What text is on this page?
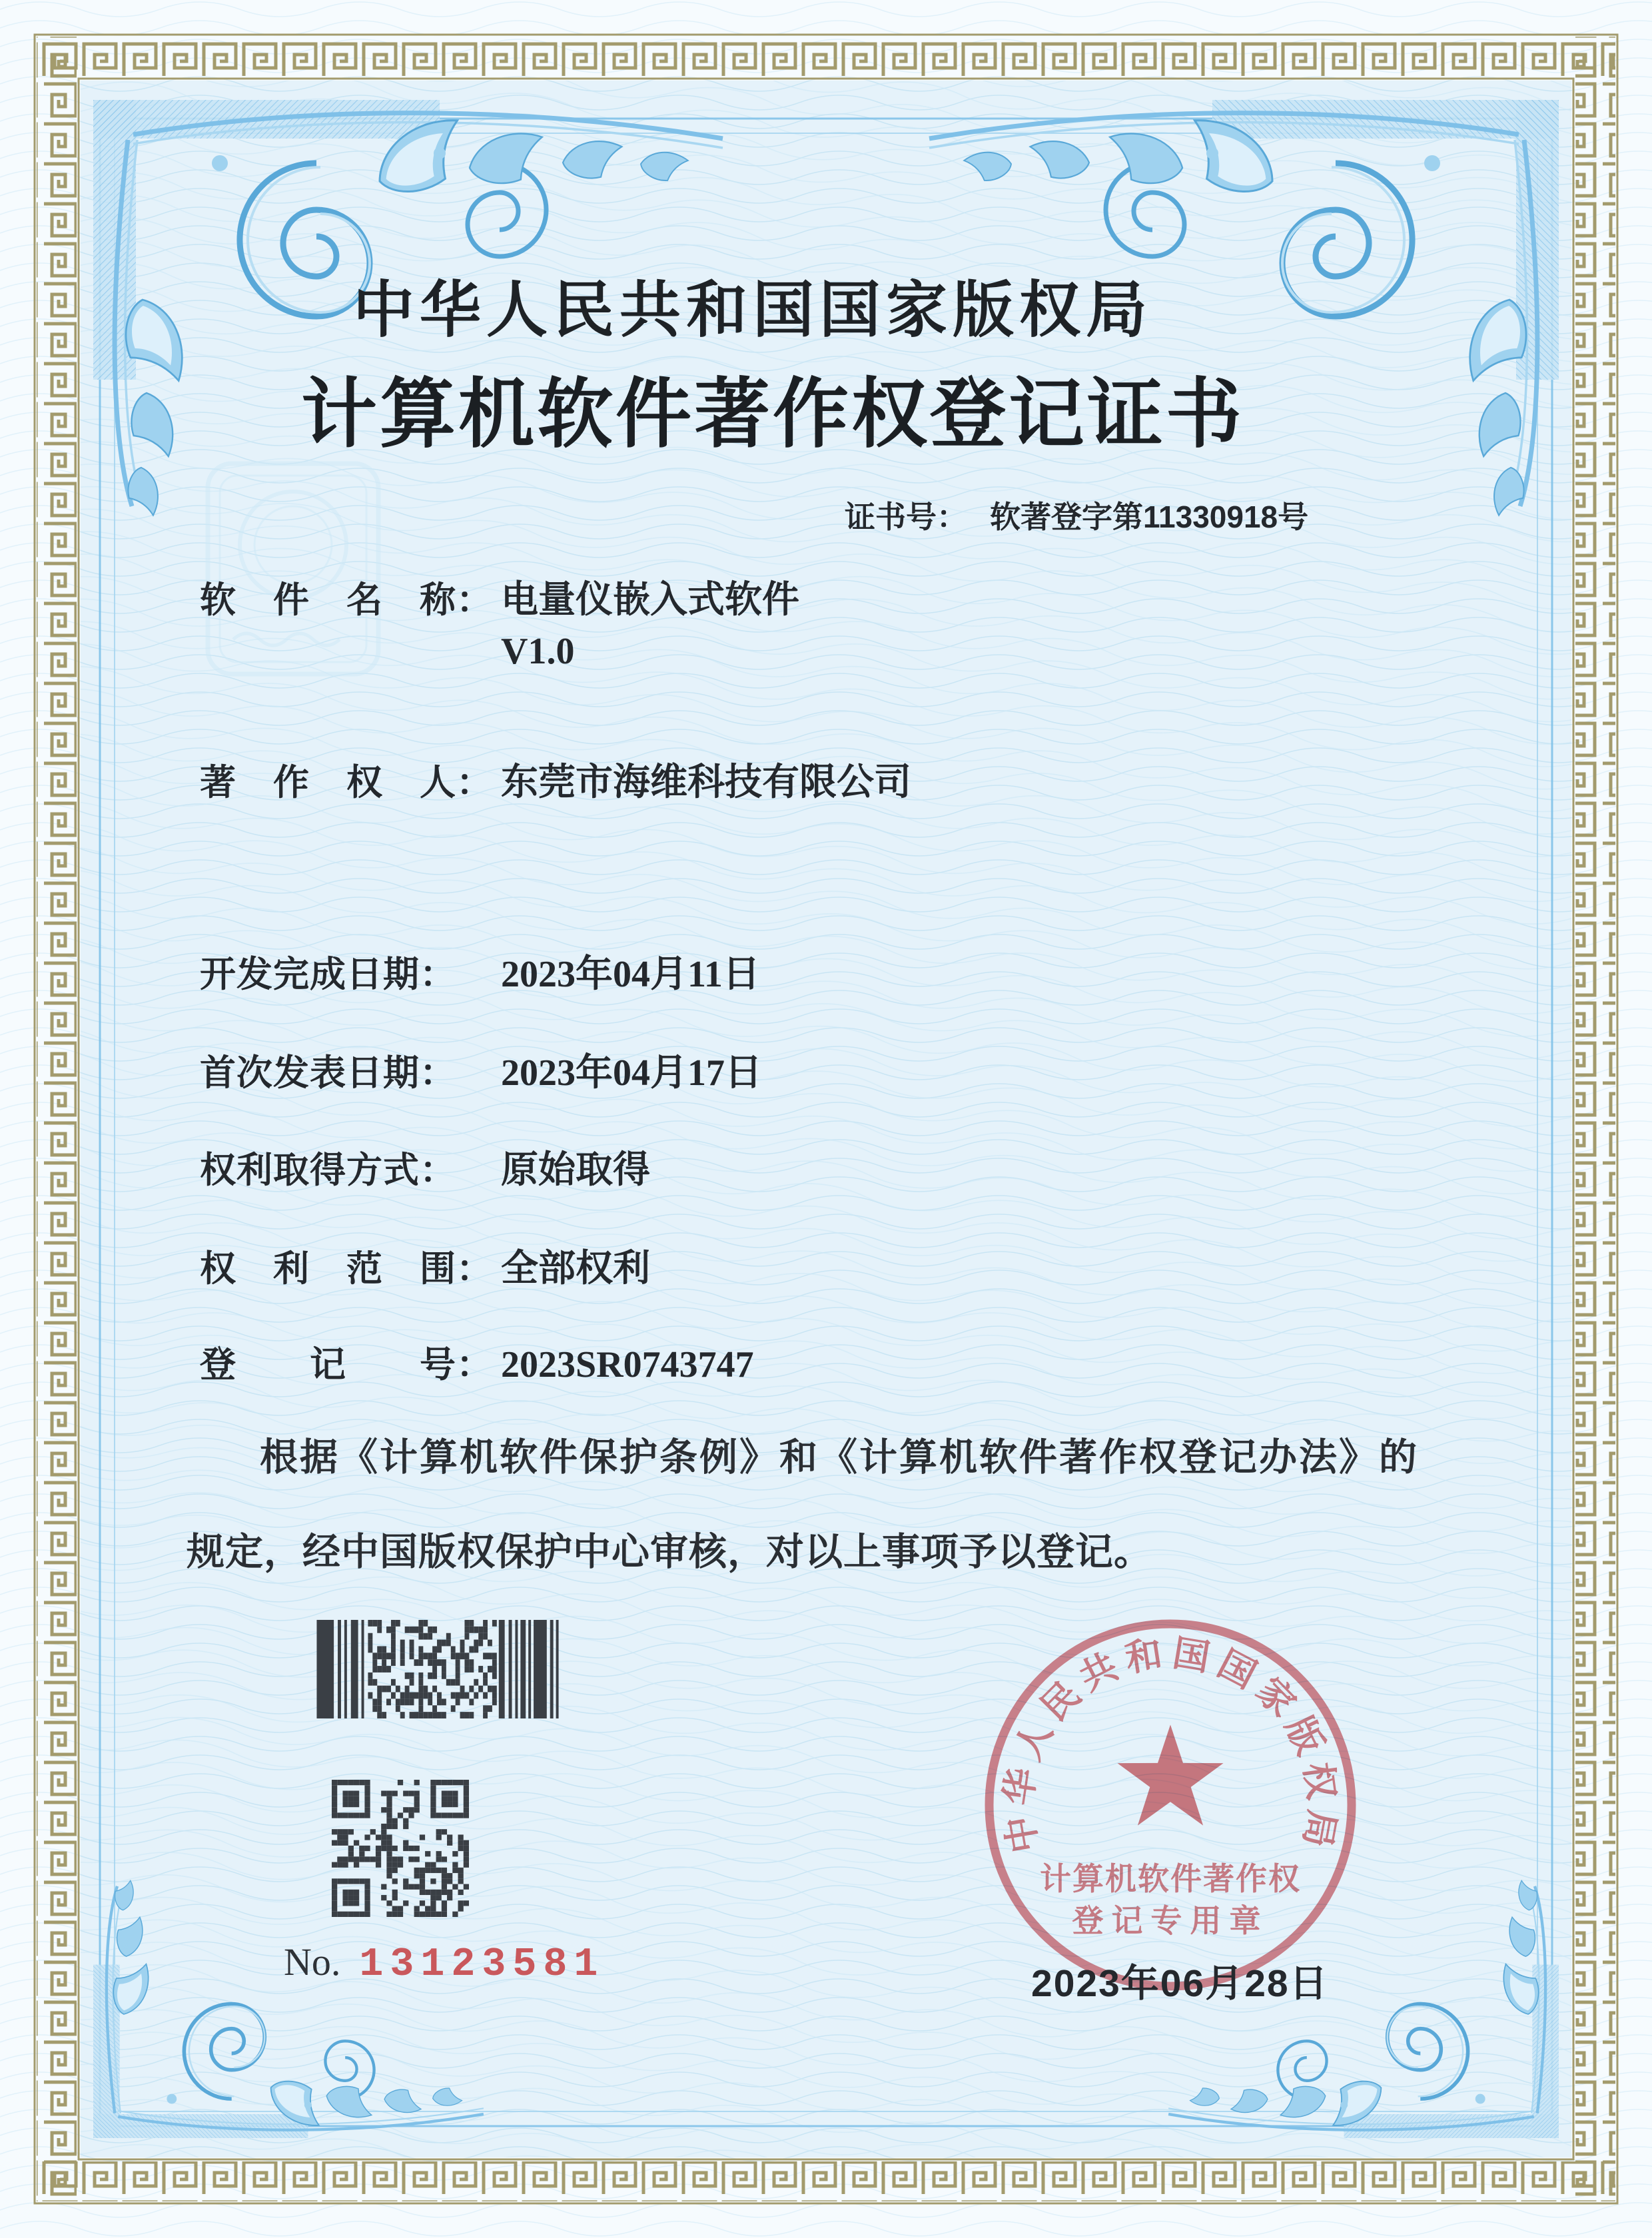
中华人民共和国国家版权局
计算机软件著作权登记证书
证书号： 软著登字第11330918号
软　件　名　称： 电量仪嵌入式软件
V1.0
著　作　权　人： 东莞市海维科技有限公司
开发完成日期： 2023年04月11日
首次发表日期： 2023年04月17日
权利取得方式： 原始取得
权　利　范　围： 全部权利
登　　记　　号： 2023SR0743747
根据《计算机软件保护条例》和《计算机软件著作权登记办法》的
规定，经中国版权保护中心审核，对以上事项予以登记。
No. 13123581	2023年06月28日
中华人民共和国国家版权局
计算机软件著作权
登记专用章
